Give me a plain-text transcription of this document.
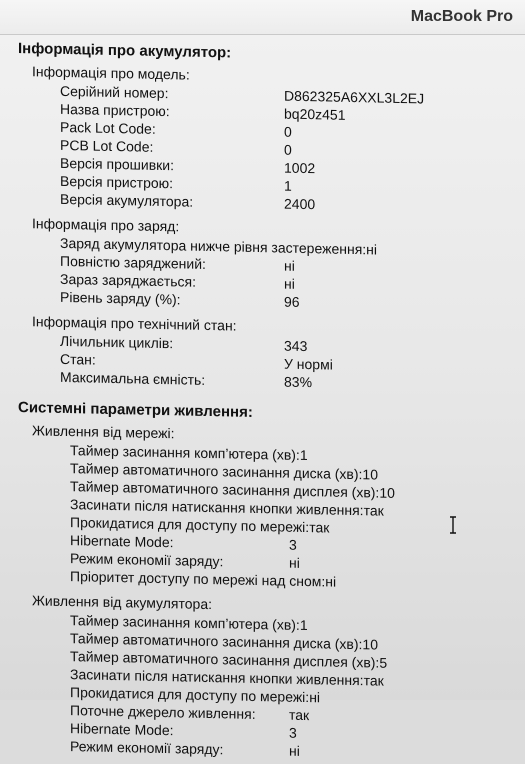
MacBook Pro
Інформація про акумулятор:
Інформація про модель:
Серійний номер:	D862325A6XXL3L2EJ
Назва пристрою:	bq20z451
Pack Lot Code:	0
PCB Lot Code:	0
Версія прошивки:	1002
Версія пристрою:	1
Версія акумулятора:	2400
Інформація про заряд:
Заряд акумулятора нижче рівня застереження: ні
Повністю заряджений:	ні
Зараз заряджається:	ні
Рівень заряду (%):	96
Інформація про технічний стан:
Лічильник циклів:	343
Стан:	У нормі
Максимальна ємність:	83%
Системні параметри живлення:
Живлення від мережі:
Таймер засинання комп’ютера (хв): 1
Таймер автоматичного засинання диска (хв): 10
Таймер автоматичного засинання дисплея (хв): 10
Засинати після натискання кнопки живлення: так
Прокидатися для доступу по мережі: так
Hibernate Mode:	3
Режим економії заряду:	ні
Пріоритет доступу по мережі над сном: ні
Живлення від акумулятора:
Таймер засинання комп’ютера (хв): 1
Таймер автоматичного засинання диска (хв): 10
Таймер автоматичного засинання дисплея (хв): 5
Засинати після натискання кнопки живлення: так
Прокидатися для доступу по мережі: ні
Поточне джерело живлення:	так
Hibernate Mode:	3
Режим економії заряду:	ні
